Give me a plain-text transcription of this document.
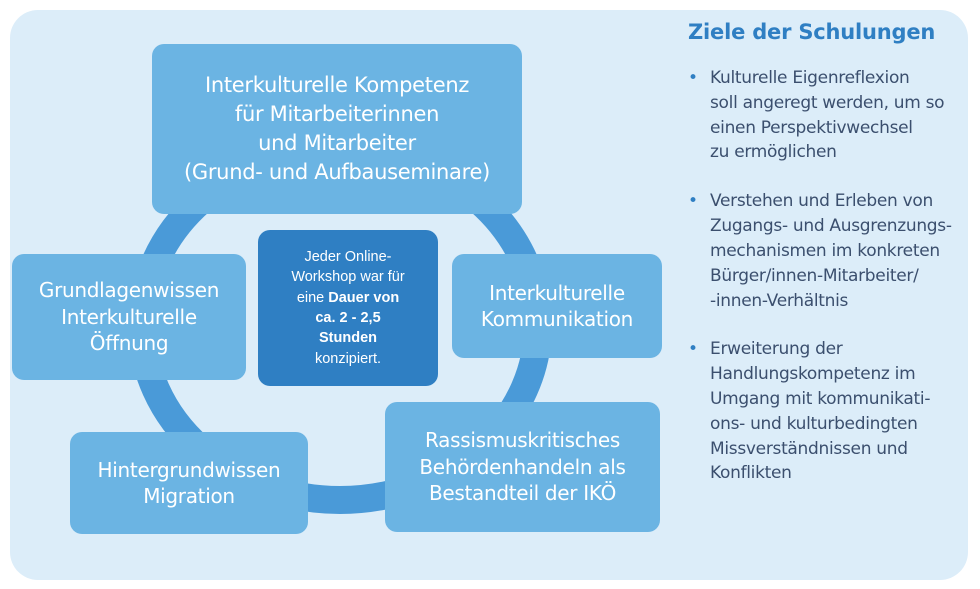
Interkulturelle Kompetenz
für Mitarbeiterinnen
und Mitarbeiter
(Grund- und Aufbauseminare)
Grundlagenwissen
Interkulturelle
Öffnung
Interkulturelle
Kommunikation
Hintergrundwissen
Migration
Rassismuskritisches
Behördenhandeln als
Bestandteil der IKÖ
Jeder Online-
Workshop war für
eine Dauer von
ca. 2 - 2,5
Stunden
konzipiert.
Ziele der Schulungen
• Kulturelle Eigenreflexion
soll angeregt werden, um so
einen Perspektivwechsel
zu ermöglichen
• Verstehen und Erleben von
Zugangs- und Ausgrenzungs-
mechanismen im konkreten
Bürger/innen-Mitarbeiter/
-innen-Verhältnis
• Erweiterung der
Handlungskompetenz im
Umgang mit kommunikati-
ons- und kulturbedingten
Missverständnissen und
Konflikten
